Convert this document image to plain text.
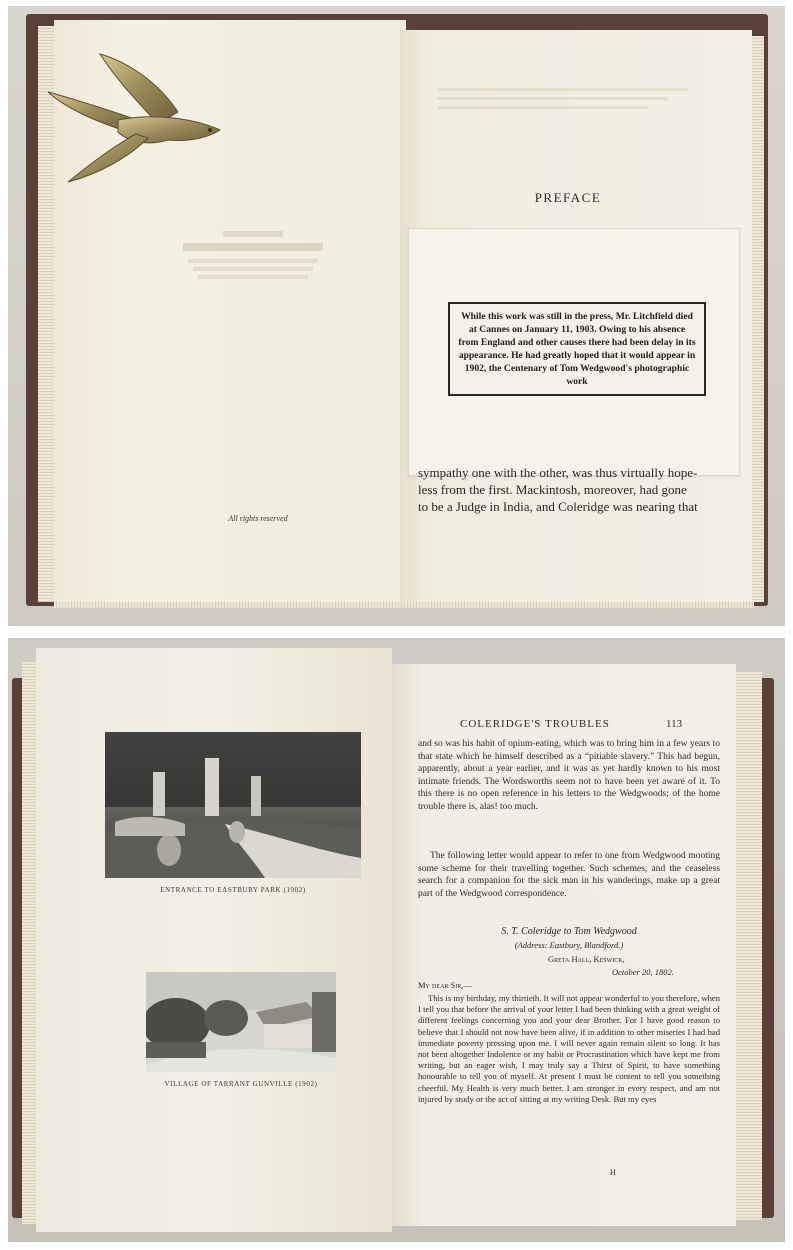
All rights reserved
PREFACE
While this work was still in the press, Mr. Litchfield died at Cannes on January 11, 1903. Owing to his absence from England and other causes there had been delay in its appearance. He had greatly hoped that it would appear in 1902, the Centenary of Tom Wedgwood's photographic work
sympathy one with the other, was thus virtually hope-
less from the first. Mackintosh, moreover, had gone
to be a Judge in India, and Coleridge was nearing that
ENTRANCE TO EASTBURY PARK (1902)
VILLAGE OF TARRANT GUNVILLE (1902)
COLERIDGE'S TROUBLES	113
and so was his habit of opium-eating, which was to bring him in a few years to that state which he himself described as a “pitiable slavery.” This had begun, apparently, about a year earlier, and it was as yet hardly known to his most intimate friends. The Wordsworths seem not to have been yet aware of it. To this there is no open reference in his letters to the Wedgwoods; of the home trouble there is, alas! too much.
The following letter would appear to refer to one from Wedgwood mooting some scheme for their travelling together. Such schemes, and the ceaseless search for a companion for the sick man in his wanderings, make up a great part of the Wedgwood correspondence.
S. T. Coleridge to Tom Wedgwood
(Address: Eastbury, Blandford.)
Greta Hall, Keswick,
October 20, 1802.
My dear Sir,—
This is my birthday, my thirtieth. It will not appear wonderful to you therefore, when I tell you that before the arrival of your letter I had been thinking with a great weight of different feelings concerning you and your dear Brother. For I have good reason to believe that I should not now have been alive, if in addition to other miseries I had had immediate poverty pressing upon me. I will never again remain silent so long. It has not been altogether Indolence or my habit or Procrastination which have kept me from writing, but an eager wish, I may truly say a Thirst of Spirit, to have something honourable to tell you of myself. At present I must be content to tell you something cheerful. My Health is very much better. I am stronger in every respect, and am not injured by study or the act of sitting at my writing Desk. But my eyes
H
